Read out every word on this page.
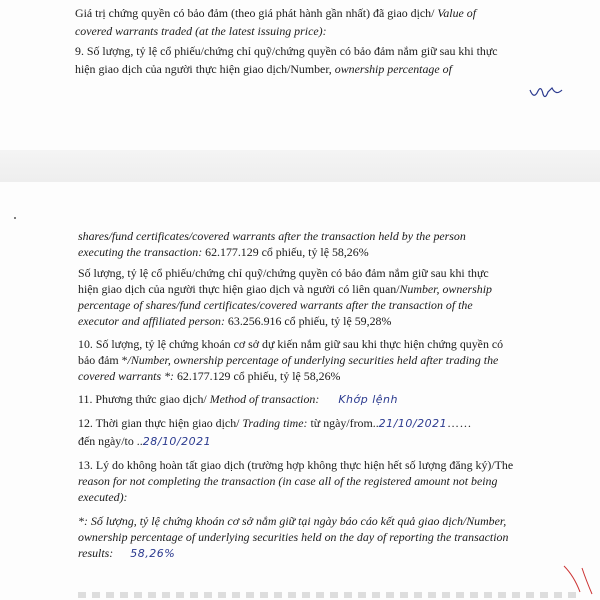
Giá trị chứng quyền có bảo đảm (theo giá phát hành gần nhất) đã giao dịch/ Value of
covered warrants traded (at the latest issuing price):
9. Số lượng, tỷ lệ cổ phiếu/chứng chỉ quỹ/chứng quyền có bảo đảm nắm giữ sau khi thực
hiện giao dịch của người thực hiện giao dịch/Number, ownership percentage of
shares/fund certificates/covered warrants after the transaction held by the person
executing the transaction: 62.177.129 cổ phiếu, tỷ lệ 58,26%
Số lượng, tỷ lệ cổ phiếu/chứng chỉ quỹ/chứng quyền có bảo đảm nắm giữ sau khi thực
hiện giao dịch của người thực hiện giao dịch và người có liên quan/Number, ownership
percentage of shares/fund certificates/covered warrants after the transaction of the
executor and affiliated person: 63.256.916 cổ phiếu, tỷ lệ 59,28%
10. Số lượng, tỷ lệ chứng khoán cơ sở dự kiến nắm giữ sau khi thực hiện chứng quyền có
bảo đảm */Number, ownership percentage of underlying securities held after trading the
covered warrants *: 62.177.129 cổ phiếu, tỷ lệ 58,26%
11. Phương thức giao dịch/ Method of transaction: Khớp lệnh
12. Thời gian thực hiện giao dịch/ Trading time: từ ngày/from..21/10/2021……
đến ngày/to ..28/10/2021
13. Lý do không hoàn tất giao dịch (trường hợp không thực hiện hết số lượng đăng ký)/The
reason for not completing the transaction (in case all of the registered amount not being
executed):
*: Số lượng, tỷ lệ chứng khoán cơ sở nắm giữ tại ngày báo cáo kết quả giao dịch/Number,
ownership percentage of underlying securities held on the day of reporting the transaction
results: 58,26%
